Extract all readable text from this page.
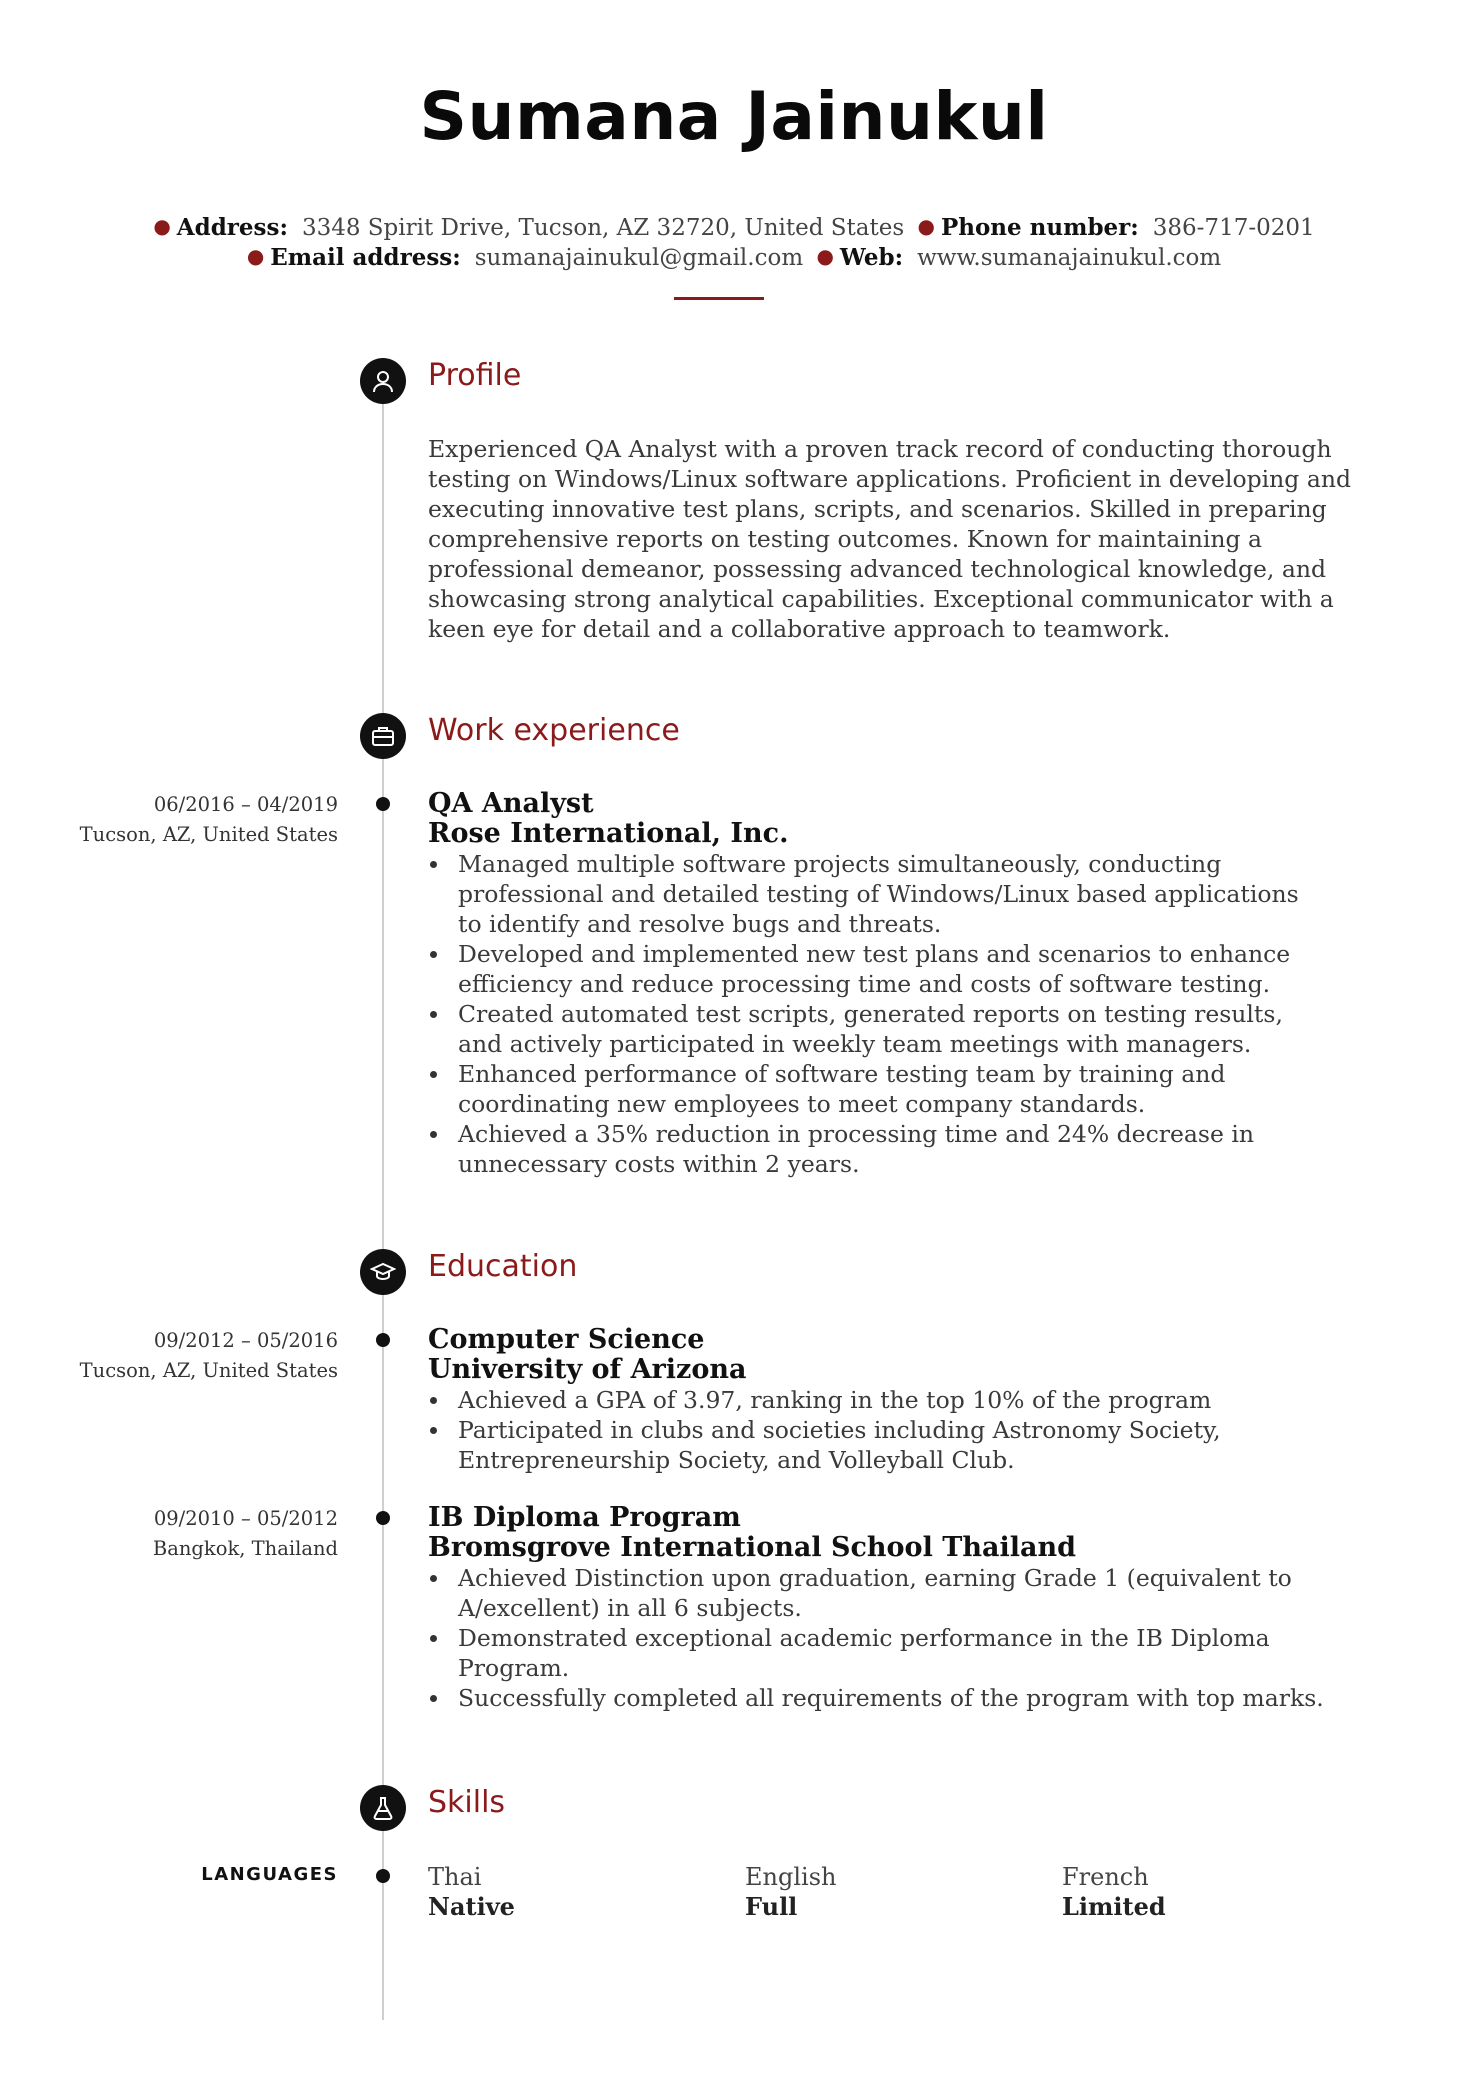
Sumana Jainukul
● Address: 3348 Spirit Drive, Tucson, AZ 32720, United States ● Phone number: 386-717-0201
● Email address: sumanajainukul@gmail.com ● Web: www.sumanajainukul.com
Profile

Experienced QA Analyst with a proven track record of conducting thorough testing on Windows/Linux software applications. Proficient in developing and executing innovative test plans, scripts, and scenarios. Skilled in preparing comprehensive reports on testing outcomes. Known for maintaining a professional demeanor, possessing advanced technological knowledge, and showcasing strong analytical capabilities. Exceptional communicator with a keen eye for detail and a collaborative approach to teamwork.

Work experience
06/2016 – 04/2019
Tucson, AZ, United States
QA Analyst
Rose International, Inc.
Managed multiple software projects simultaneously, conducting professional and detailed testing of Windows/Linux based applications to identify and resolve bugs and threats.
Developed and implemented new test plans and scenarios to enhance efficiency and reduce processing time and costs of software testing.
Created automated test scripts, generated reports on testing results, and actively participated in weekly team meetings with managers.
Enhanced performance of software testing team by training and coordinating new employees to meet company standards.
Achieved a 35% reduction in processing time and 24% decrease in unnecessary costs within 2 years.
Education
09/2012 – 05/2016
Tucson, AZ, United States
Computer Science
University of Arizona
Achieved a GPA of 3.97, ranking in the top 10% of the program
Participated in clubs and societies including Astronomy Society, Entrepreneurship Society, and Volleyball Club.
09/2010 – 05/2012
Bangkok, Thailand
IB Diploma Program
Bromsgrove International School Thailand
Achieved Distinction upon graduation, earning Grade 1 (equivalent to A/excellent) in all 6 subjects.
Demonstrated exceptional academic performance in the IB Diploma Program.
Successfully completed all requirements of the program with top marks.
Skills
LANGUAGES	Thai
Native
English
Full
French
Limited
